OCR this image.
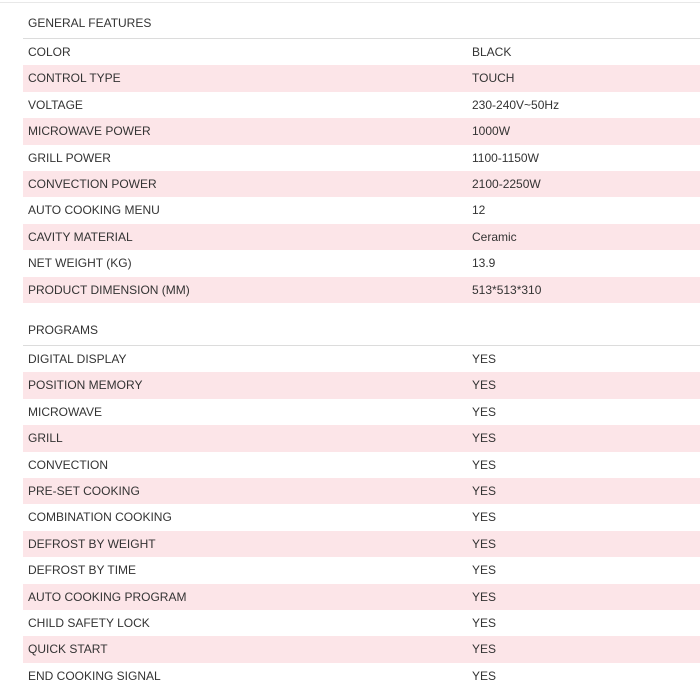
GENERAL FEATURES
COLOR	BLACK
CONTROL TYPE	TOUCH
VOLTAGE	230-240V~50Hz
MICROWAVE POWER	1000W
GRILL POWER	1100-1150W
CONVECTION POWER	2100-2250W
AUTO COOKING MENU	12
CAVITY MATERIAL	Ceramic
NET WEIGHT (KG)	13.9
PRODUCT DIMENSION (MM)	513*513*310
PROGRAMS
DIGITAL DISPLAY	YES
POSITION MEMORY	YES
MICROWAVE	YES
GRILL	YES
CONVECTION	YES
PRE-SET COOKING	YES
COMBINATION COOKING	YES
DEFROST BY WEIGHT	YES
DEFROST BY TIME	YES
AUTO COOKING PROGRAM	YES
CHILD SAFETY LOCK	YES
QUICK START	YES
END COOKING SIGNAL	YES
